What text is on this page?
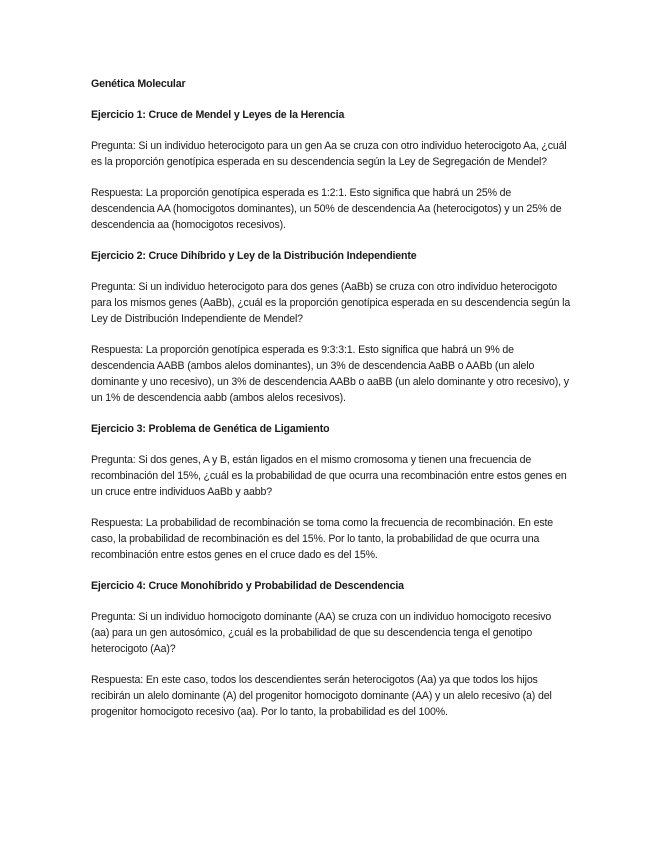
Genética Molecular

Ejercicio 1: Cruce de Mendel y Leyes de la Herencia

Pregunta: Si un individuo heterocigoto para un gen Aa se cruza con otro individuo heterocigoto Aa, ¿cuál es la proporción genotípica esperada en su descendencia según la Ley de Segregación de Mendel?

Respuesta: La proporción genotípica esperada es 1:2:1. Esto significa que habrá un 25% de descendencia AA (homocigotos dominantes), un 50% de descendencia Aa (heterocigotos) y un 25% de descendencia aa (homocigotos recesivos).

Ejercicio 2: Cruce Dihíbrido y Ley de la Distribución Independiente

Pregunta: Si un individuo heterocigoto para dos genes (AaBb) se cruza con otro individuo heterocigoto para los mismos genes (AaBb), ¿cuál es la proporción genotípica esperada en su descendencia según la Ley de Distribución Independiente de Mendel?

Respuesta: La proporción genotípica esperada es 9:3:3:1. Esto significa que habrá un 9% de descendencia AABB (ambos alelos dominantes), un 3% de descendencia AaBB o AABb (un alelo dominante y uno recesivo), un 3% de descendencia AABb o aaBB (un alelo dominante y otro recesivo), y un 1% de descendencia aabb (ambos alelos recesivos).

Ejercicio 3: Problema de Genética de Ligamiento

Pregunta: Si dos genes, A y B, están ligados en el mismo cromosoma y tienen una frecuencia de recombinación del 15%, ¿cuál es la probabilidad de que ocurra una recombinación entre estos genes en un cruce entre individuos AaBb y aabb?

Respuesta: La probabilidad de recombinación se toma como la frecuencia de recombinación. En este caso, la probabilidad de recombinación es del 15%. Por lo tanto, la probabilidad de que ocurra una recombinación entre estos genes en el cruce dado es del 15%.

Ejercicio 4: Cruce Monohíbrido y Probabilidad de Descendencia

Pregunta: Si un individuo homocigoto dominante (AA) se cruza con un individuo homocigoto recesivo (aa) para un gen autosómico, ¿cuál es la probabilidad de que su descendencia tenga el genotipo heterocigoto (Aa)?

Respuesta: En este caso, todos los descendientes serán heterocigotos (Aa) ya que todos los hijos recibirán un alelo dominante (A) del progenitor homocigoto dominante (AA) y un alelo recesivo (a) del progenitor homocigoto recesivo (aa). Por lo tanto, la probabilidad es del 100%.
